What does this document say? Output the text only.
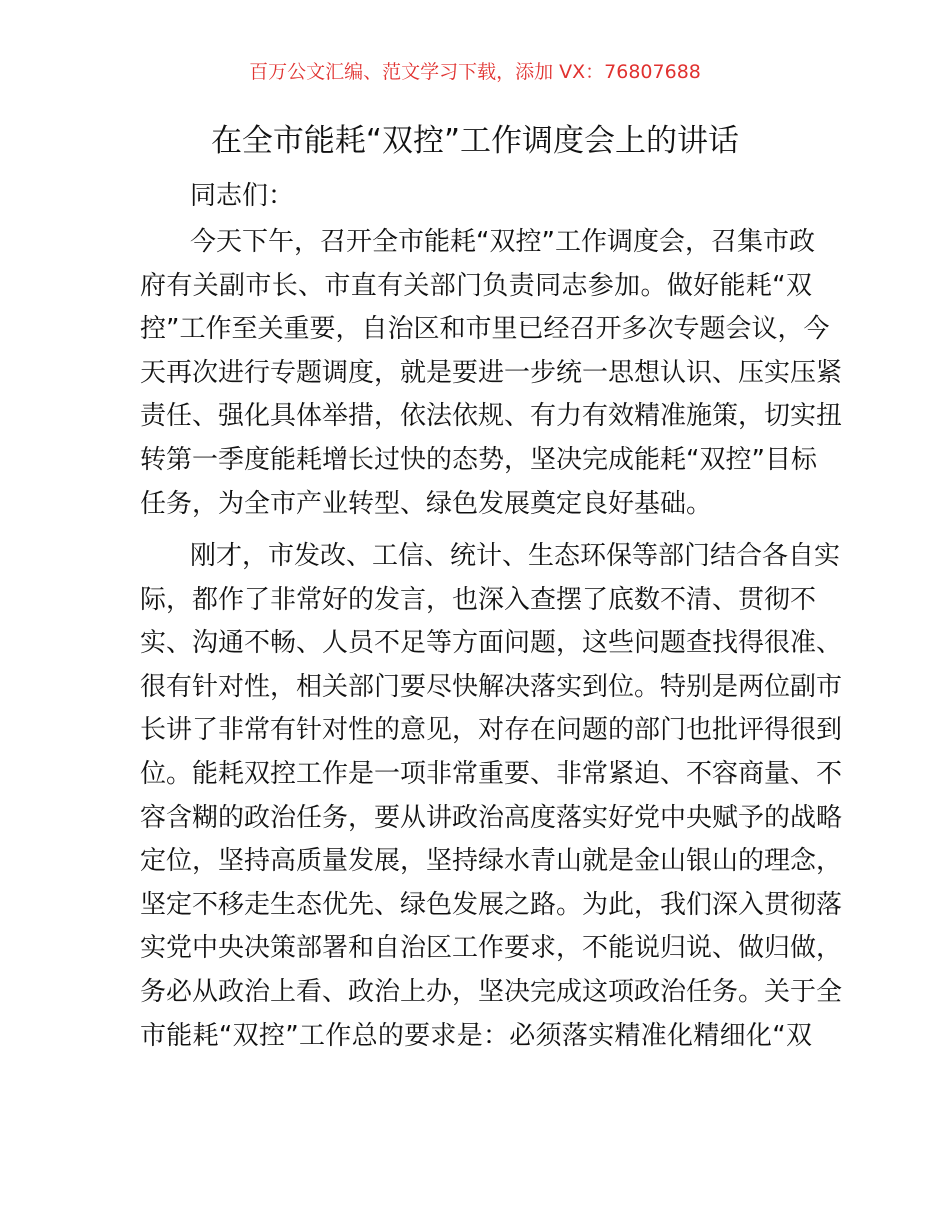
百万公文汇编、范文学习下载，添加 VX：76807688
在全市能耗“双控”工作调度会上的讲话
同志们：
今天下午，召开全市能耗“双控”工作调度会，召集市政
府有关副市长、市直有关部门负责同志参加。做好能耗“双
控”工作至关重要，自治区和市里已经召开多次专题会议，今
天再次进行专题调度，就是要进一步统一思想认识、压实压紧
责任、强化具体举措，依法依规、有力有效精准施策，切实扭
转第一季度能耗增长过快的态势，坚决完成能耗“双控”目标
任务，为全市产业转型、绿色发展奠定良好基础。
刚才，市发改、工信、统计、生态环保等部门结合各自实
际，都作了非常好的发言，也深入查摆了底数不清、贯彻不
实、沟通不畅、人员不足等方面问题，这些问题查找得很准、
很有针对性，相关部门要尽快解决落实到位。特别是两位副市
长讲了非常有针对性的意见，对存在问题的部门也批评得很到
位。能耗双控工作是一项非常重要、非常紧迫、不容商量、不
容含糊的政治任务，要从讲政治高度落实好党中央赋予的战略
定位，坚持高质量发展，坚持绿水青山就是金山银山的理念，
坚定不移走生态优先、绿色发展之路。为此，我们深入贯彻落
实党中央决策部署和自治区工作要求，不能说归说、做归做，
务必从政治上看、政治上办，坚决完成这项政治任务。关于全
市能耗“双控”工作总的要求是：必须落实精准化精细化“双
